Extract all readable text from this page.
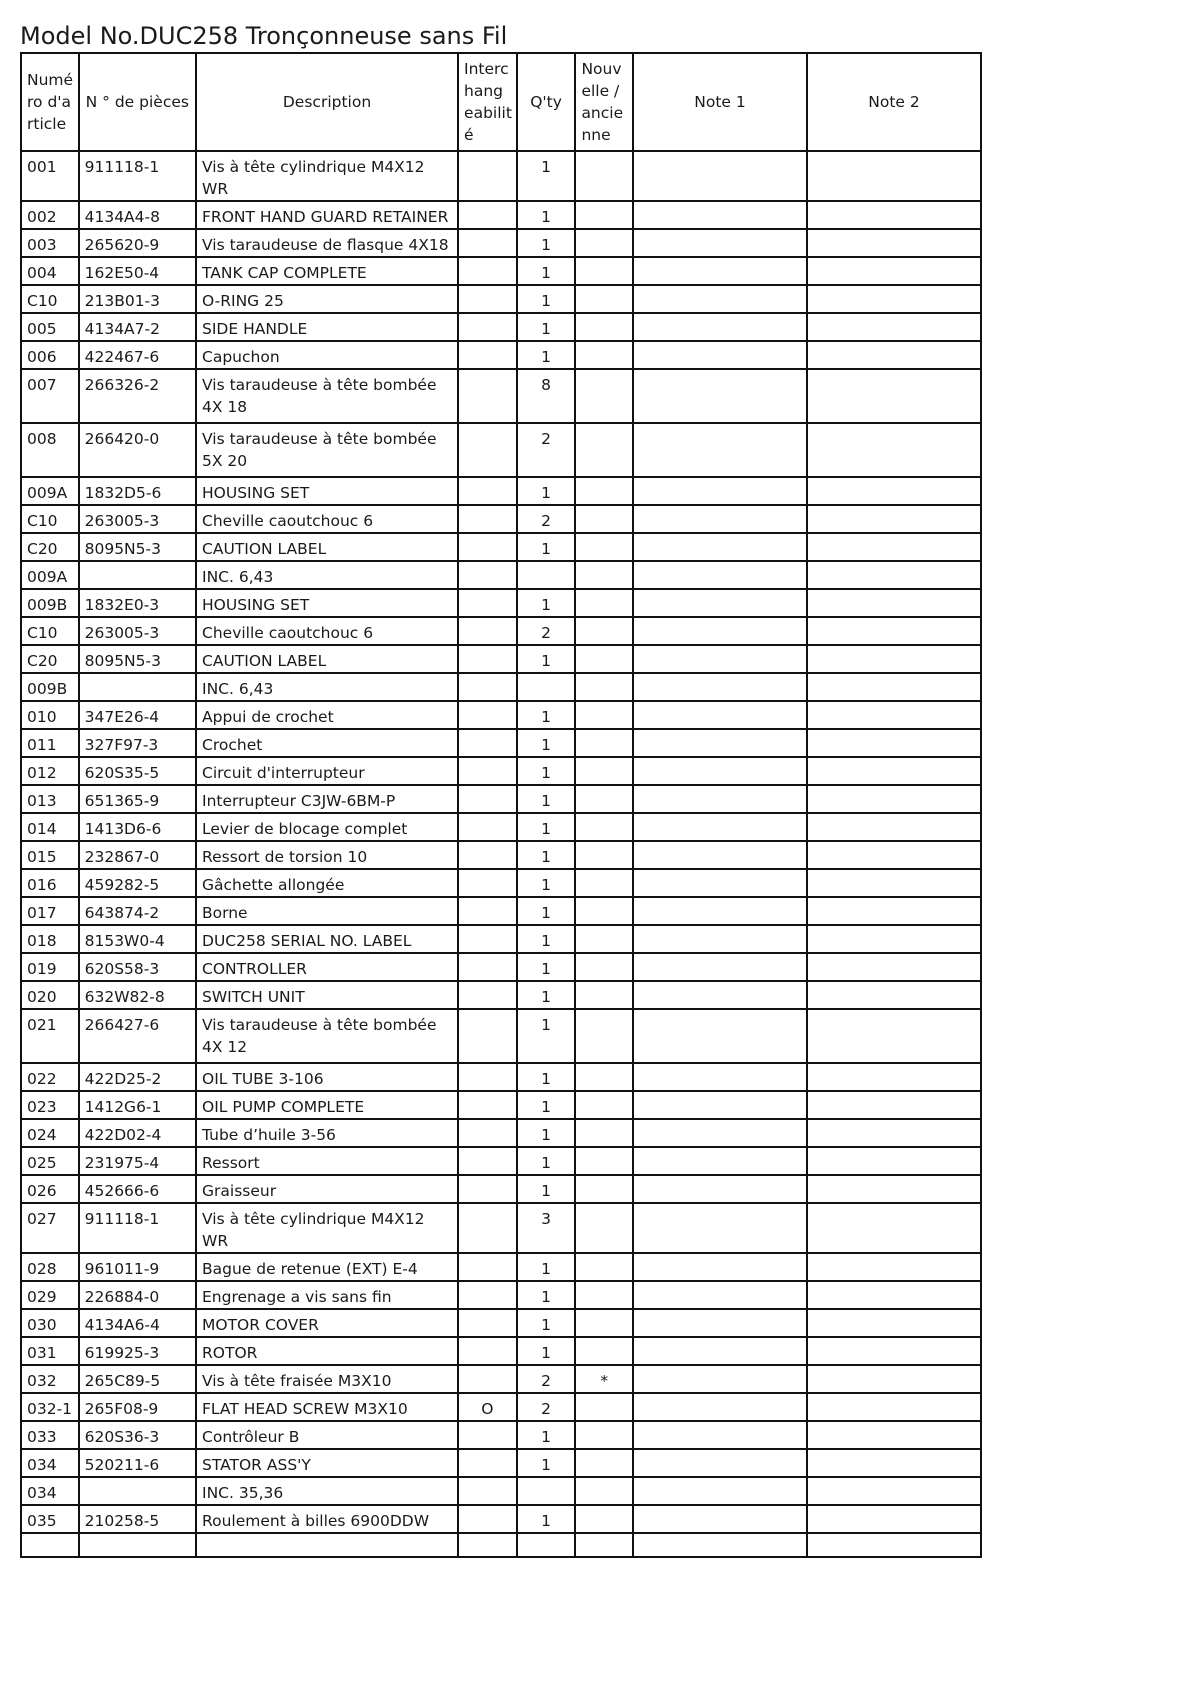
Model No.DUC258 Tronçonneuse sans Fil
Numé ro d'a rticle	N ° de pièces	Description	Interc hang eabilit é	Q'ty	Nouv elle / ancie nne	Note 1	Note 2
001	911118-1	Vis à tête cylindrique M4X12 WR		1			
002	4134A4-8	FRONT HAND GUARD RETAINER		1			
003	265620-9	Vis taraudeuse de flasque 4X18		1			
004	162E50-4	TANK CAP COMPLETE		1			
C10	213B01-3	O-RING 25		1			
005	4134A7-2	SIDE HANDLE		1			
006	422467-6	Capuchon		1			
007	266326-2	Vis taraudeuse à tête bombée 4X 18		8			
008	266420-0	Vis taraudeuse à tête bombée 5X 20		2			
009A	1832D5-6	HOUSING SET		1			
C10	263005-3	Cheville caoutchouc 6		2			
C20	8095N5-3	CAUTION LABEL		1			
009A		INC. 6,43					
009B	1832E0-3	HOUSING SET		1			
C10	263005-3	Cheville caoutchouc 6		2			
C20	8095N5-3	CAUTION LABEL		1			
009B		INC. 6,43					
010	347E26-4	Appui de crochet		1			
011	327F97-3	Crochet		1			
012	620S35-5	Circuit d'interrupteur		1			
013	651365-9	Interrupteur C3JW-6BM-P		1			
014	1413D6-6	Levier de blocage complet		1			
015	232867-0	Ressort de torsion 10		1			
016	459282-5	Gâchette allongée		1			
017	643874-2	Borne		1			
018	8153W0-4	DUC258 SERIAL NO. LABEL		1			
019	620S58-3	CONTROLLER		1			
020	632W82-8	SWITCH UNIT		1			
021	266427-6	Vis taraudeuse à tête bombée 4X 12		1			
022	422D25-2	OIL TUBE 3-106		1			
023	1412G6-1	OIL PUMP COMPLETE		1			
024	422D02-4	Tube d’huile 3-56		1			
025	231975-4	Ressort		1			
026	452666-6	Graisseur		1			
027	911118-1	Vis à tête cylindrique M4X12 WR		3			
028	961011-9	Bague de retenue (EXT) E-4		1			
029	226884-0	Engrenage a vis sans fin		1			
030	4134A6-4	MOTOR COVER		1			
031	619925-3	ROTOR		1			
032	265C89-5	Vis à tête fraisée M3X10		2	*		
032-1	265F08-9	FLAT HEAD SCREW M3X10	O	2			
033	620S36-3	Contrôleur B		1			
034	520211-6	STATOR ASS'Y		1			
034		INC. 35,36					
035	210258-5	Roulement à billes 6900DDW		1			
